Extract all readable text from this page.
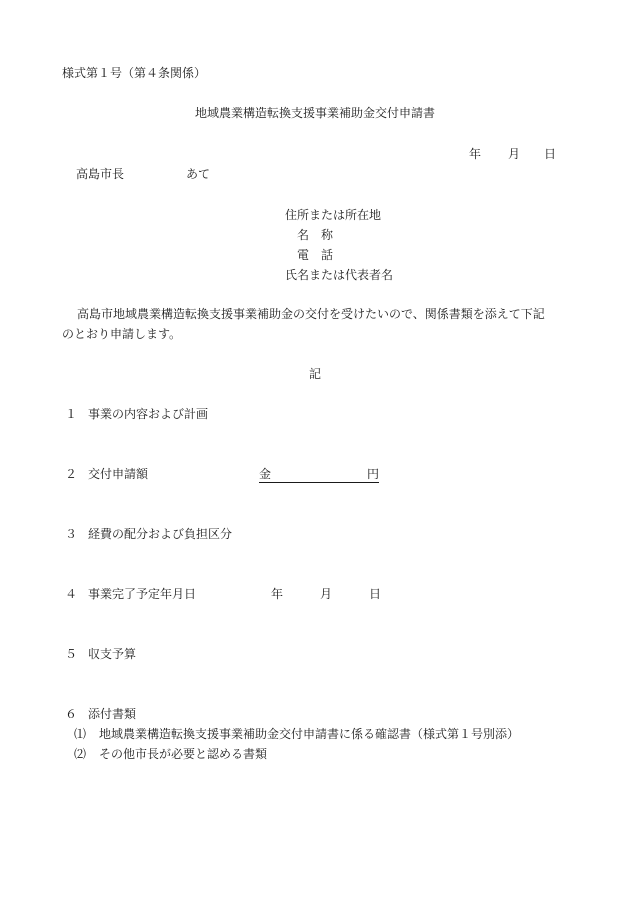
様式第１号（第４条関係）
地域農業構造転換支援事業補助金交付申請書
年 月 日
高島市長	あて
住所または所在地
名　称
電　話
氏名または代表者名
高島市地域農業構造転換支援事業補助金の交付を受けたいので、関係書類を添えて下記
のとおり申請します。
記
１ 事業の内容および計画
２ 交付申請額	金	円
３ 経費の配分および負担区分
４ 事業完了予定年月日	年	月	日
５ 収支予算
６ 添付書類
⑴ 地域農業構造転換支援事業補助金交付申請書に係る確認書（様式第１号別添）
⑵ その他市長が必要と認める書類
